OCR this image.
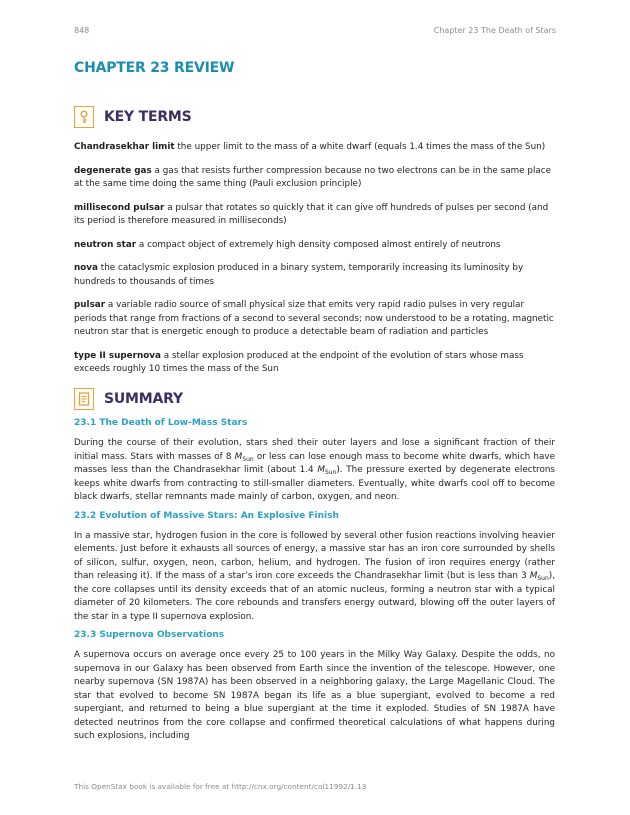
848	Chapter 23 The Death of Stars
CHAPTER 23 REVIEW
KEY TERMS
Chandrasekhar limit the upper limit to the mass of a white dwarf (equals 1.4 times the mass of the Sun)
degenerate gas a gas that resists further compression because no two electrons can be in the same place at the same time doing the same thing (Pauli exclusion principle)
millisecond pulsar a pulsar that rotates so quickly that it can give off hundreds of pulses per second (and its period is therefore measured in milliseconds)
neutron star a compact object of extremely high density composed almost entirely of neutrons
nova the cataclysmic explosion produced in a binary system, temporarily increasing its luminosity by hundreds to thousands of times
pulsar a variable radio source of small physical size that emits very rapid radio pulses in very regular periods that range from fractions of a second to several seconds; now understood to be a rotating, magnetic neutron star that is energetic enough to produce a detectable beam of radiation and particles
type II supernova a stellar explosion produced at the endpoint of the evolution of stars whose mass exceeds roughly 10 times the mass of the Sun
SUMMARY
23.1 The Death of Low-Mass Stars

During the course of their evolution, stars shed their outer layers and lose a significant fraction of their initial mass. Stars with masses of 8 $M_{Sun}$ or less can lose enough mass to become white dwarfs, which have masses less than the Chandrasekhar limit (about 1.4 $M_{Sun}$). The pressure exerted by degenerate electrons keeps white dwarfs from contracting to still-smaller diameters. Eventually, white dwarfs cool off to become black dwarfs, stellar remnants made mainly of carbon, oxygen, and neon.

23.2 Evolution of Massive Stars: An Explosive Finish

In a massive star, hydrogen fusion in the core is followed by several other fusion reactions involving heavier elements. Just before it exhausts all sources of energy, a massive star has an iron core surrounded by shells of silicon, sulfur, oxygen, neon, carbon, helium, and hydrogen. The fusion of iron requires energy (rather than releasing it). If the mass of a star’s iron core exceeds the Chandrasekhar limit (but is less than 3 $M_{Sun}$), the core collapses until its density exceeds that of an atomic nucleus, forming a neutron star with a typical diameter of 20 kilometers. The core rebounds and transfers energy outward, blowing off the outer layers of the star in a type II supernova explosion.

23.3 Supernova Observations

A supernova occurs on average once every 25 to 100 years in the Milky Way Galaxy. Despite the odds, no supernova in our Galaxy has been observed from Earth since the invention of the telescope. However, one nearby supernova (SN 1987A) has been observed in a neighboring galaxy, the Large Magellanic Cloud. The star that evolved to become SN 1987A began its life as a blue supergiant, evolved to become a red supergiant, and returned to being a blue supergiant at the time it exploded. Studies of SN 1987A have detected neutrinos from the core collapse and confirmed theoretical calculations of what happens during such explosions, including

This OpenStax book is available for free at http://cnx.org/content/col11992/1.13
